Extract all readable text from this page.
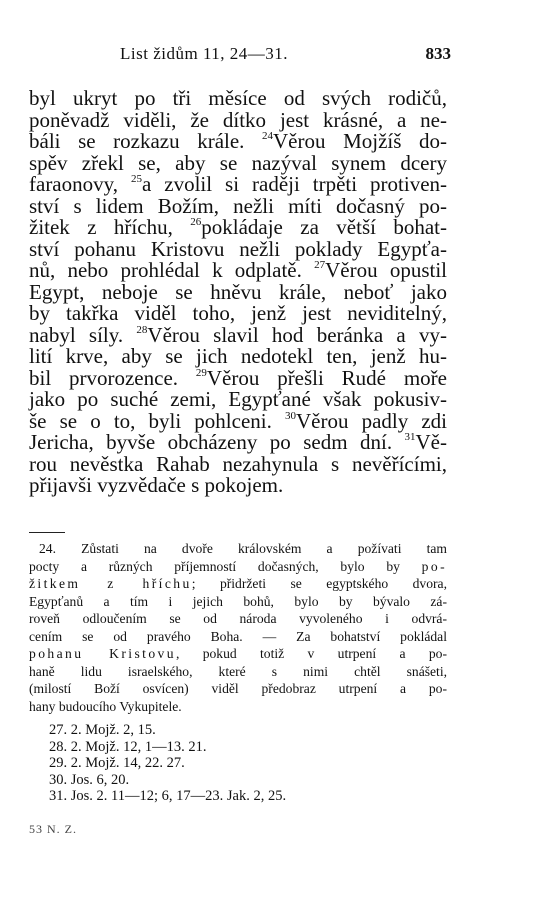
List židům 11, 24—31.	833
byl ukryt po tři měsíce od svých rodičů,
poněvadž viděli, že dítko jest krásné, a ne-
báli se rozkazu krále. $^{24}$Věrou Mojžíš do-
spěv zřekl se, aby se nazýval synem dcery
faraonovy, $^{25}$a zvolil si raději trpěti protiven-
ství s lidem Božím, nežli míti dočasný po-
žitek z hříchu, $^{26}$pokládaje za větší bohat-
ství pohanu Kristovu nežli poklady Egypťa-
nů, nebo prohlédal k odplatě. $^{27}$Věrou opustil
Egypt, neboje se hněvu krále, neboť jako
by takřka viděl toho, jenž jest neviditelný,
nabyl síly. $^{28}$Věrou slavil hod beránka a vy-
lití krve, aby se jich nedotekl ten, jenž hu-
bil prvorozence. $^{29}$Věrou přešli Rudé moře
jako po suché zemi, Egypťané však pokusiv-
še se o to, byli pohlceni. $^{30}$Věrou padly zdi
Jericha, byvše obcházeny po sedm dní. $^{31}$Vě-
rou nevěstka Rahab nezahynula s nevěřícími,
přijavši vyzvědače s pokojem.
24. Zůstati na dvoře královském a požívati tam
pocty a různých příjemností dočasných, bylo by po-
žitkem z hříchu; přidržeti se egyptského dvora,
Egypťanů a tím i jejich bohů, bylo by bývalo zá-
roveň odloučením se od národa vyvoleného i odvrá-
cením se od pravého Boha. — Za bohatství pokládal
pohanu Kristovu, pokud totiž v utrpení a po-
haně lidu israelského, které s nimi chtěl snášeti,
(milostí Boží osvícen) viděl předobraz utrpení a po-
hany budoucího Vykupitele.
27. 2. Mojž. 2, 15.
28. 2. Mojž. 12, 1—13. 21.
29. 2. Mojž. 14, 22. 27.
30. Jos. 6, 20.
31. Jos. 2. 11—12; 6, 17—23. Jak. 2, 25.
53 N. Z.
